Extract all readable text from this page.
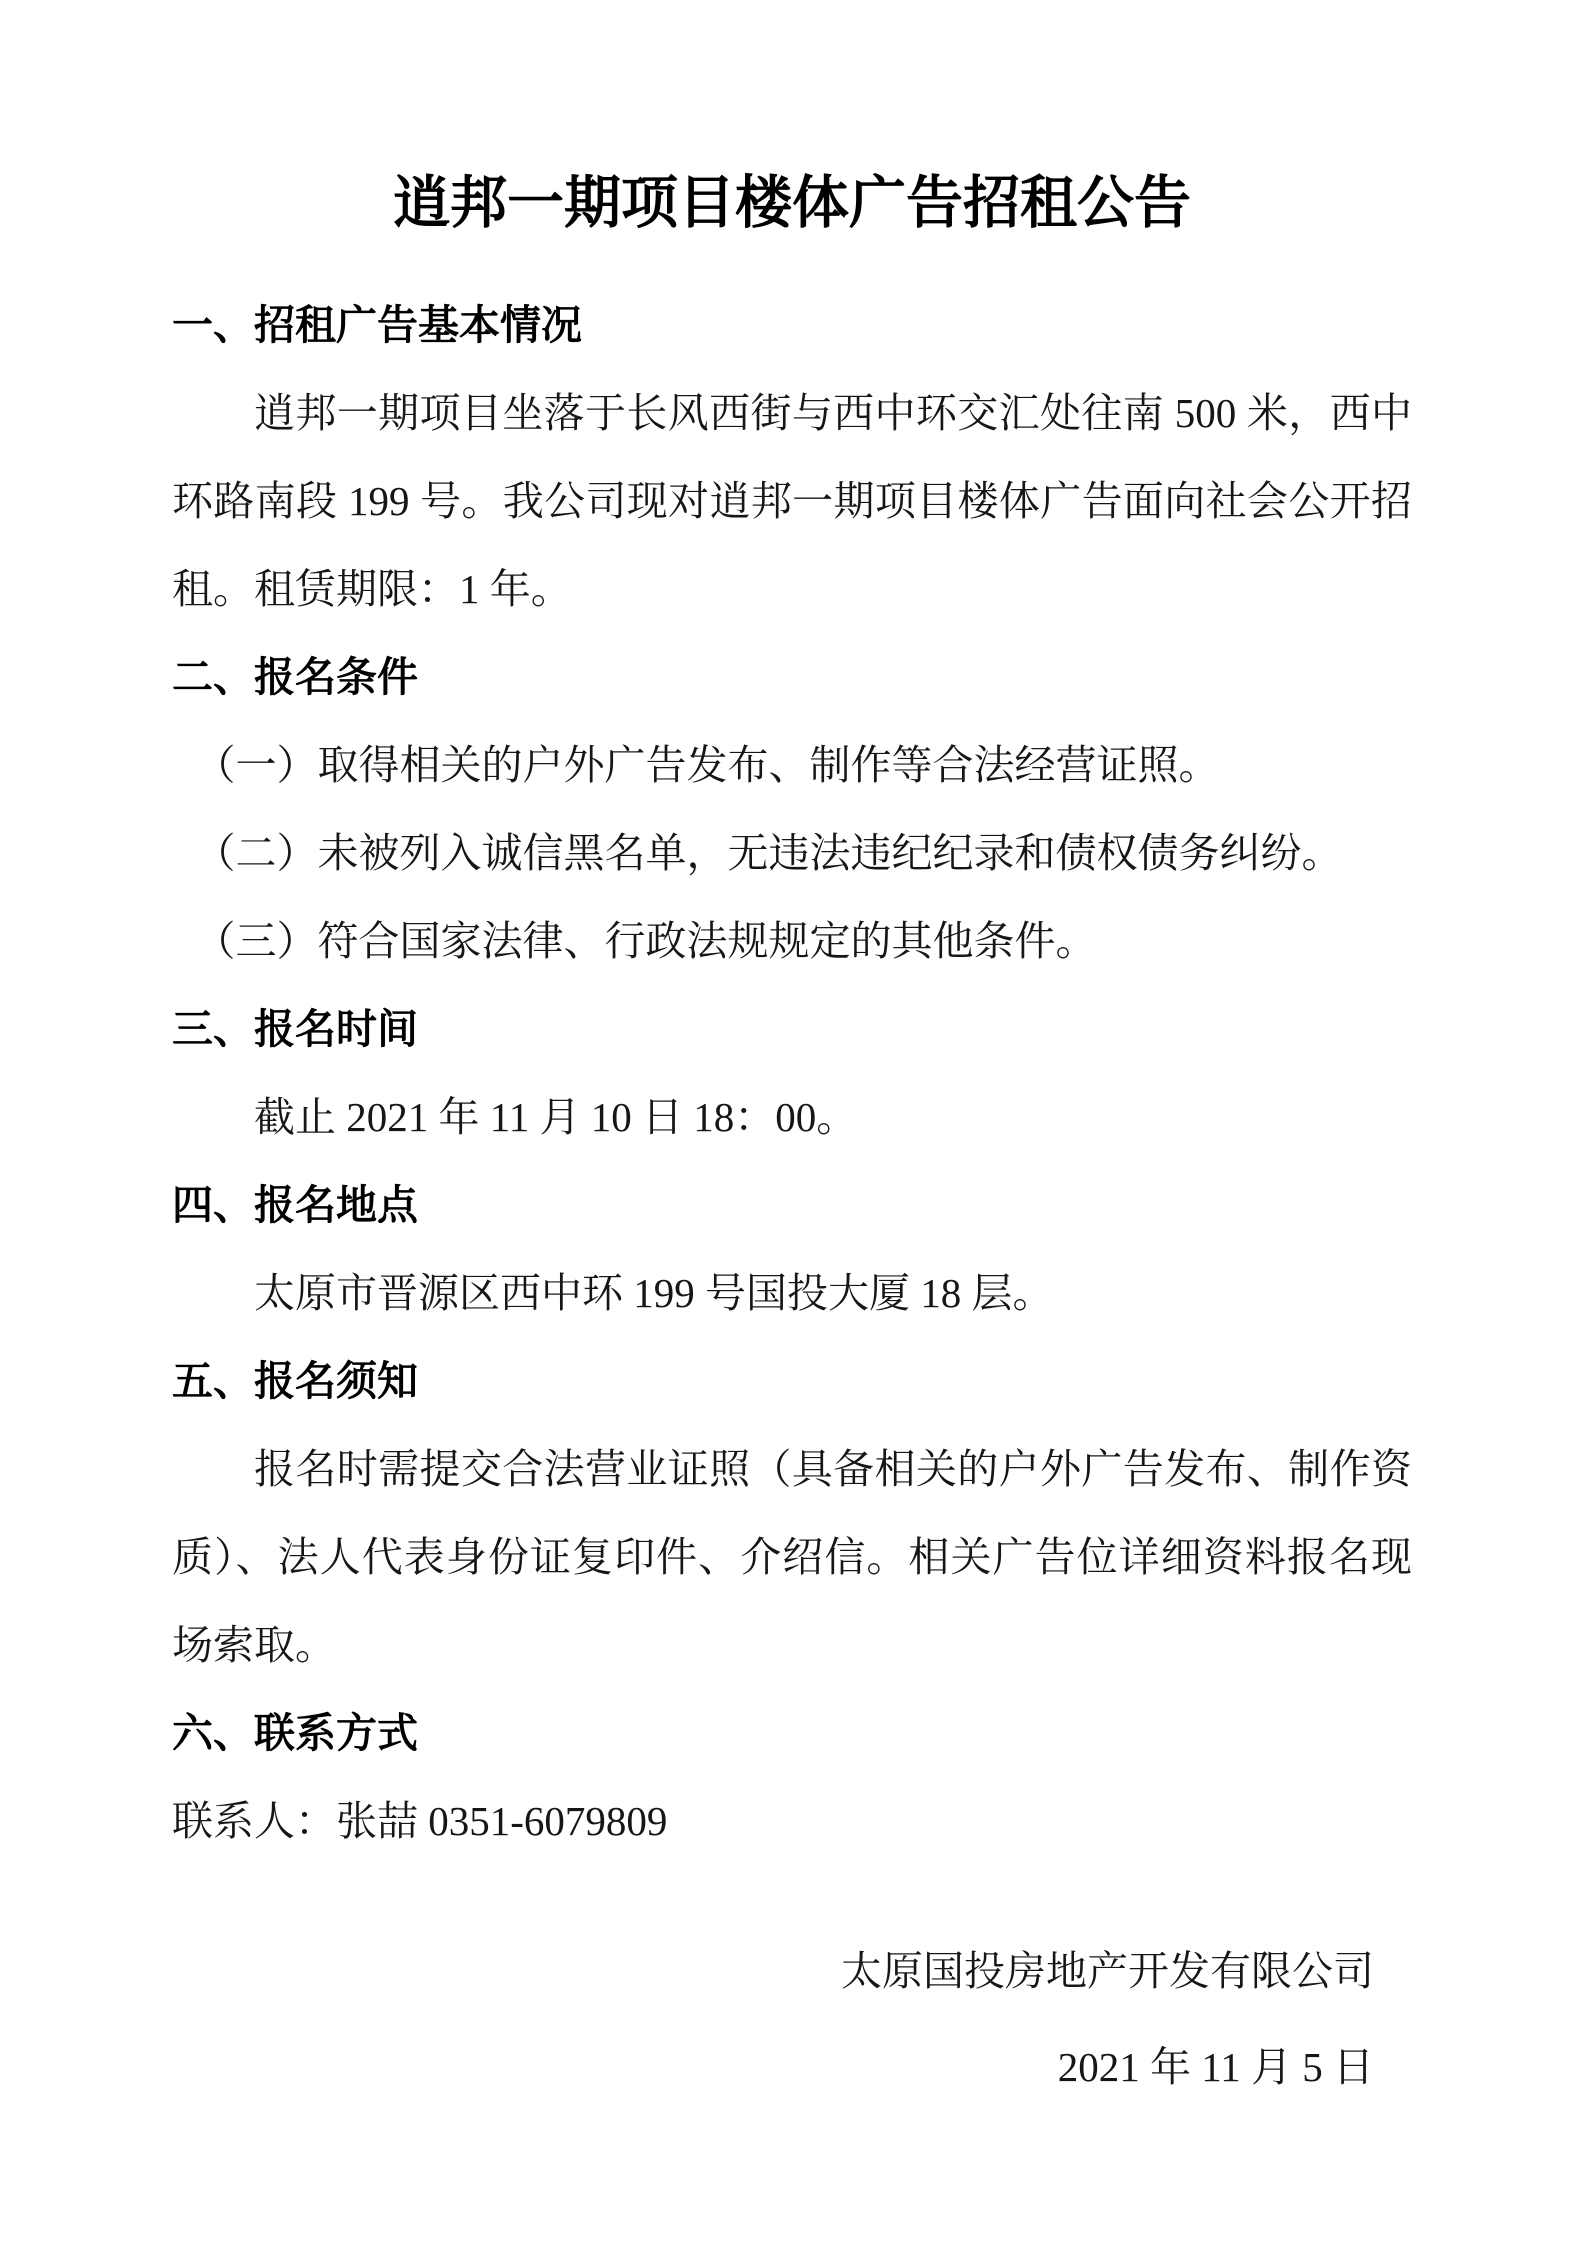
逍邦一期项目楼体广告招租公告
一、招租广告基本情况

逍邦一期项目坐落于长风西街与西中环交汇处往南 500 米，西中环路南段 199 号。我公司现对逍邦一期项目楼体广告面向社会公开招租。租赁期限：1 年。

二、报名条件

（一）取得相关的户外广告发布、制作等合法经营证照。

（二）未被列入诚信黑名单，无违法违纪纪录和债权债务纠纷。

（三）符合国家法律、行政法规规定的其他条件。

三、报名时间

截止 2021 年 11 月 10 日 18：00。

四、报名地点

太原市晋源区西中环 199 号国投大厦 18 层。

五、报名须知

报名时需提交合法营业证照（具备相关的户外广告发布、制作资质）、法人代表身份证复印件、介绍信。相关广告位详细资料报名现场索取。

六、联系方式

联系人：张喆 0351-6079809

太原国投房地产开发有限公司

2021 年 11 月 5 日
